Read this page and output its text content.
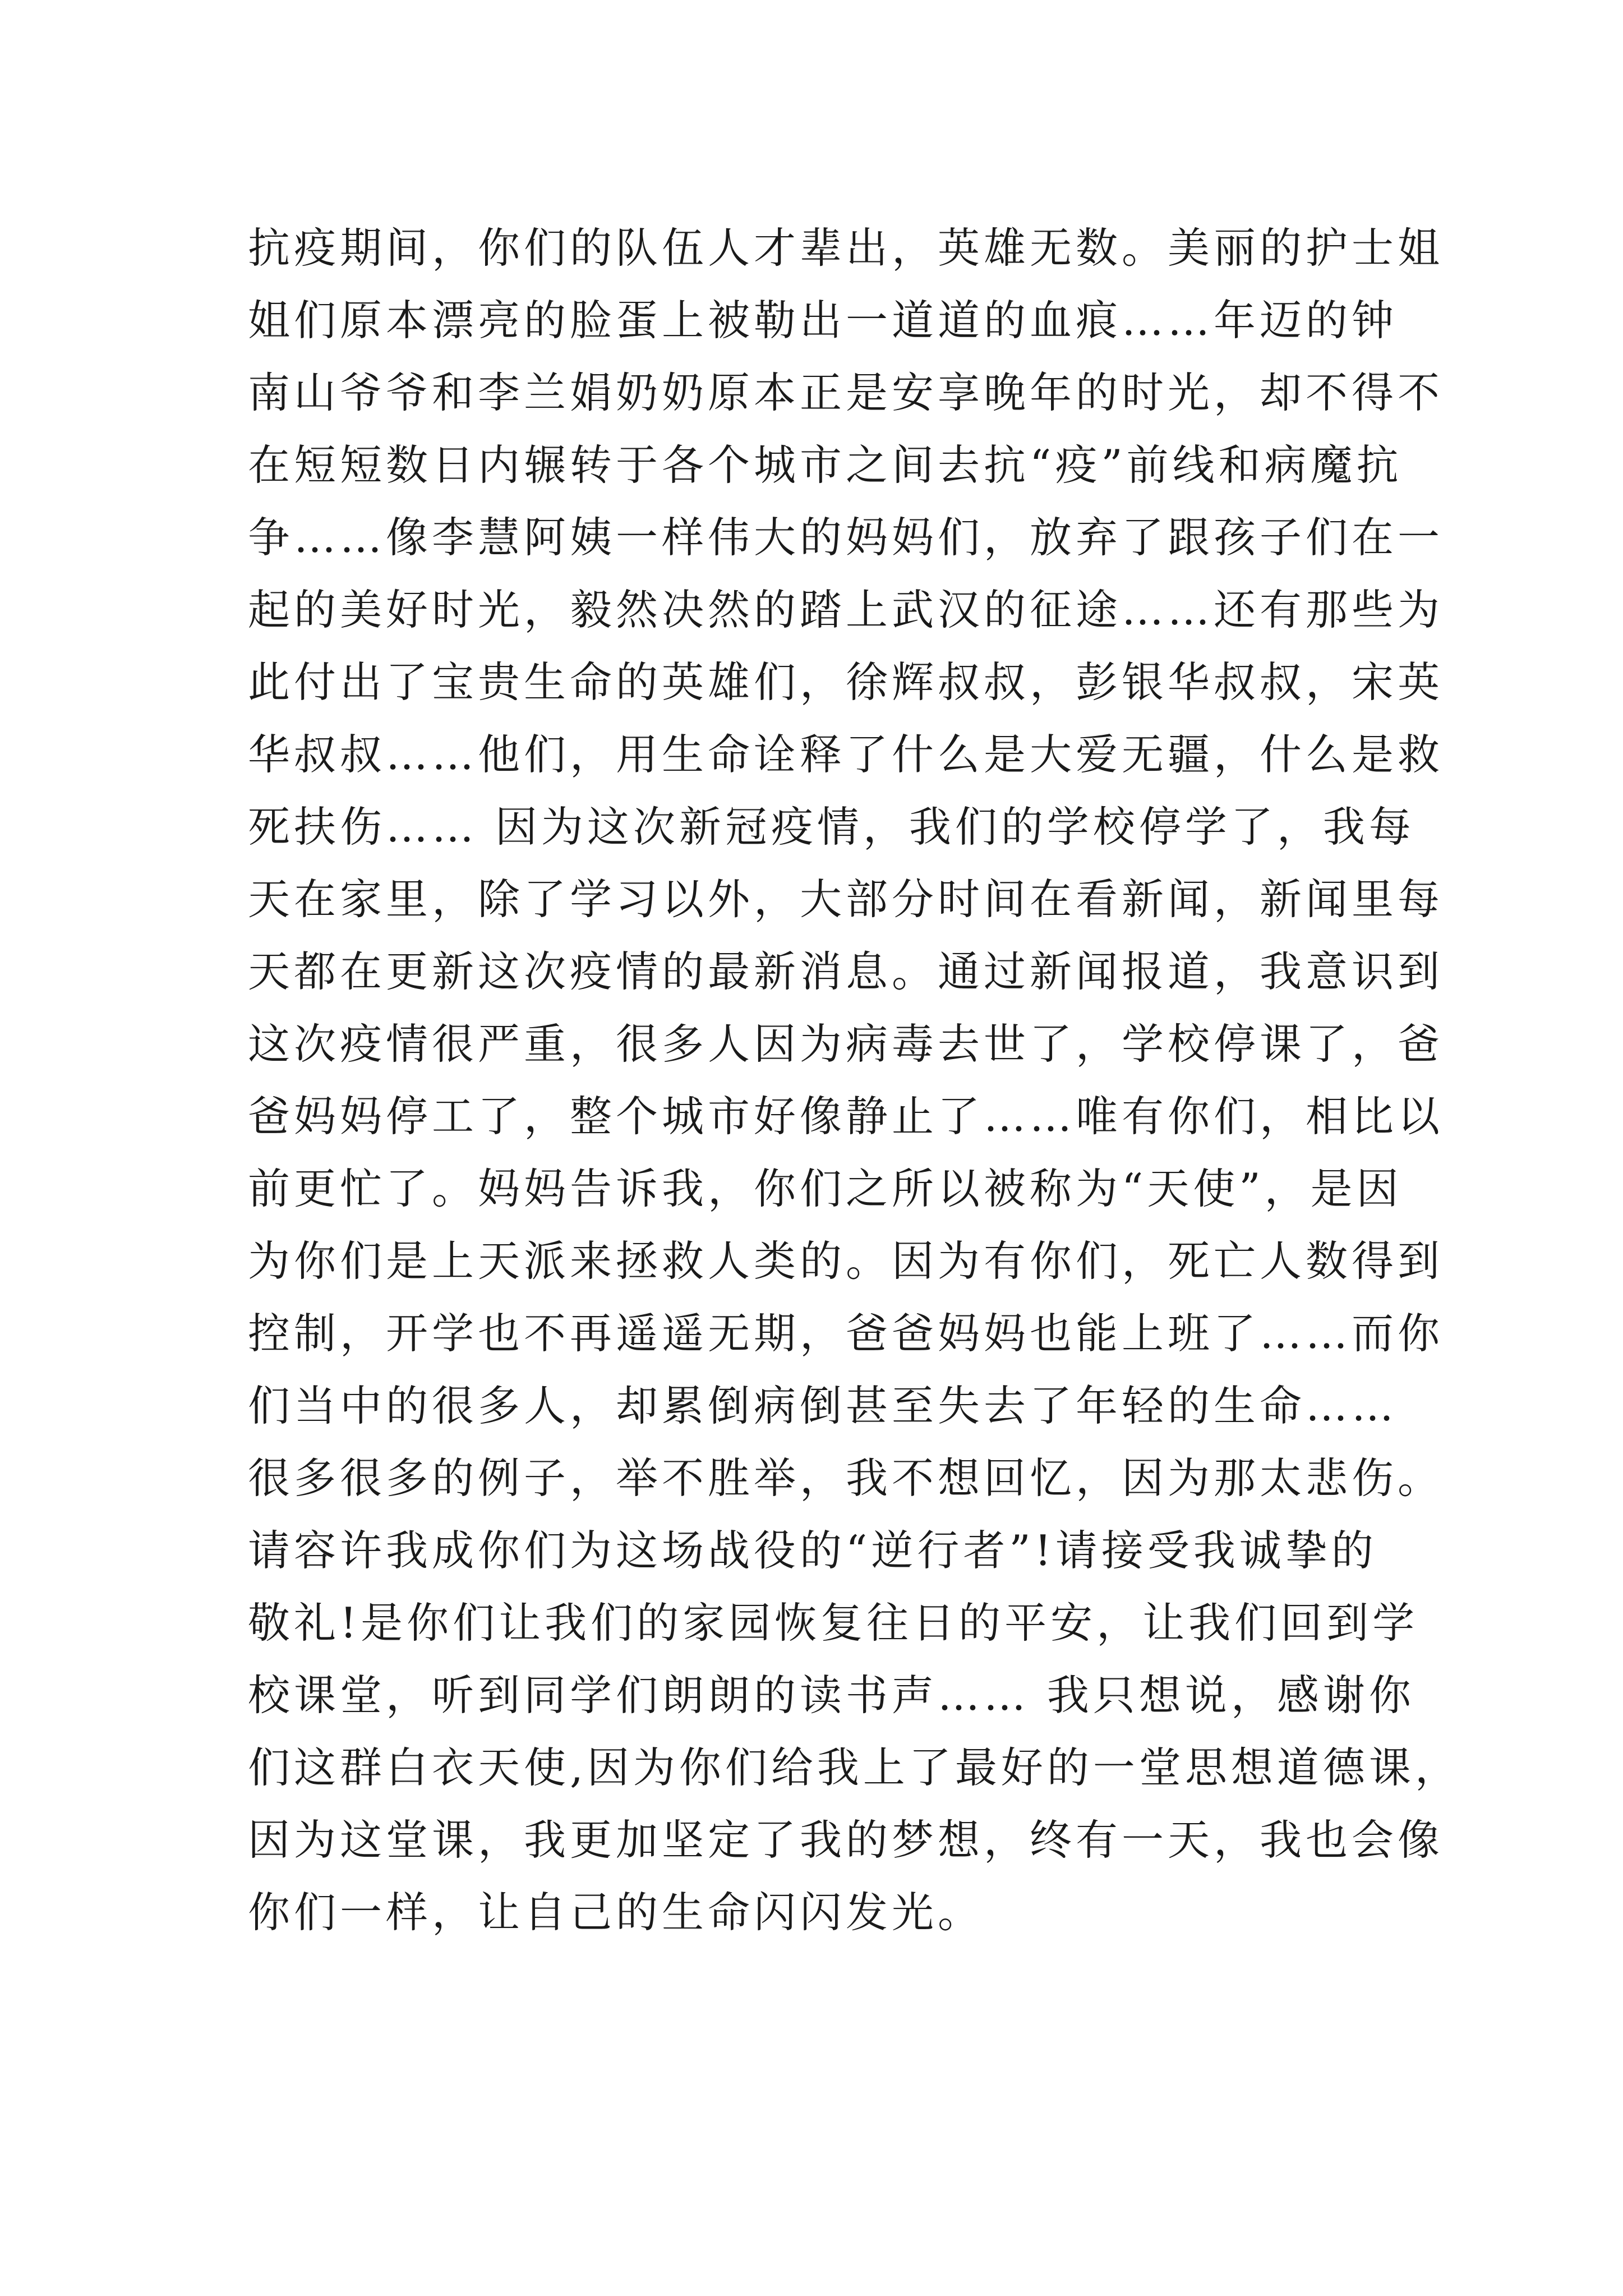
抗疫期间，你们的队伍人才辈出，英雄无数。美丽的护士姐
姐们原本漂亮的脸蛋上被勒出一道道的血痕……年迈的钟
南山爷爷和李兰娟奶奶原本正是安享晚年的时光，却不得不
在短短数日内辗转于各个城市之间去抗“疫”前线和病魔抗
争……像李慧阿姨一样伟大的妈妈们，放弃了跟孩子们在一
起的美好时光，毅然决然的踏上武汉的征途……还有那些为
此付出了宝贵生命的英雄们，徐辉叔叔，彭银华叔叔，宋英
华叔叔……他们，用生命诠释了什么是大爱无疆，什么是救
死扶伤…… 因为这次新冠疫情，我们的学校停学了，我每
天在家里，除了学习以外，大部分时间在看新闻，新闻里每
天都在更新这次疫情的最新消息。通过新闻报道，我意识到
这次疫情很严重，很多人因为病毒去世了，学校停课了，爸
爸妈妈停工了，整个城市好像静止了……唯有你们，相比以
前更忙了。妈妈告诉我，你们之所以被称为“天使”，是因
为你们是上天派来拯救人类的。因为有你们，死亡人数得到
控制，开学也不再遥遥无期，爸爸妈妈也能上班了……而你
们当中的很多人，却累倒病倒甚至失去了年轻的生命……
很多很多的例子，举不胜举，我不想回忆，因为那太悲伤。
请容许我成你们为这场战役的“逆行者”!请接受我诚挚的
敬礼!是你们让我们的家园恢复往日的平安，让我们回到学
校课堂，听到同学们朗朗的读书声…… 我只想说，感谢你
们这群白衣天使,因为你们给我上了最好的一堂思想道德课，
因为这堂课，我更加坚定了我的梦想，终有一天，我也会像
你们一样，让自己的生命闪闪发光。
